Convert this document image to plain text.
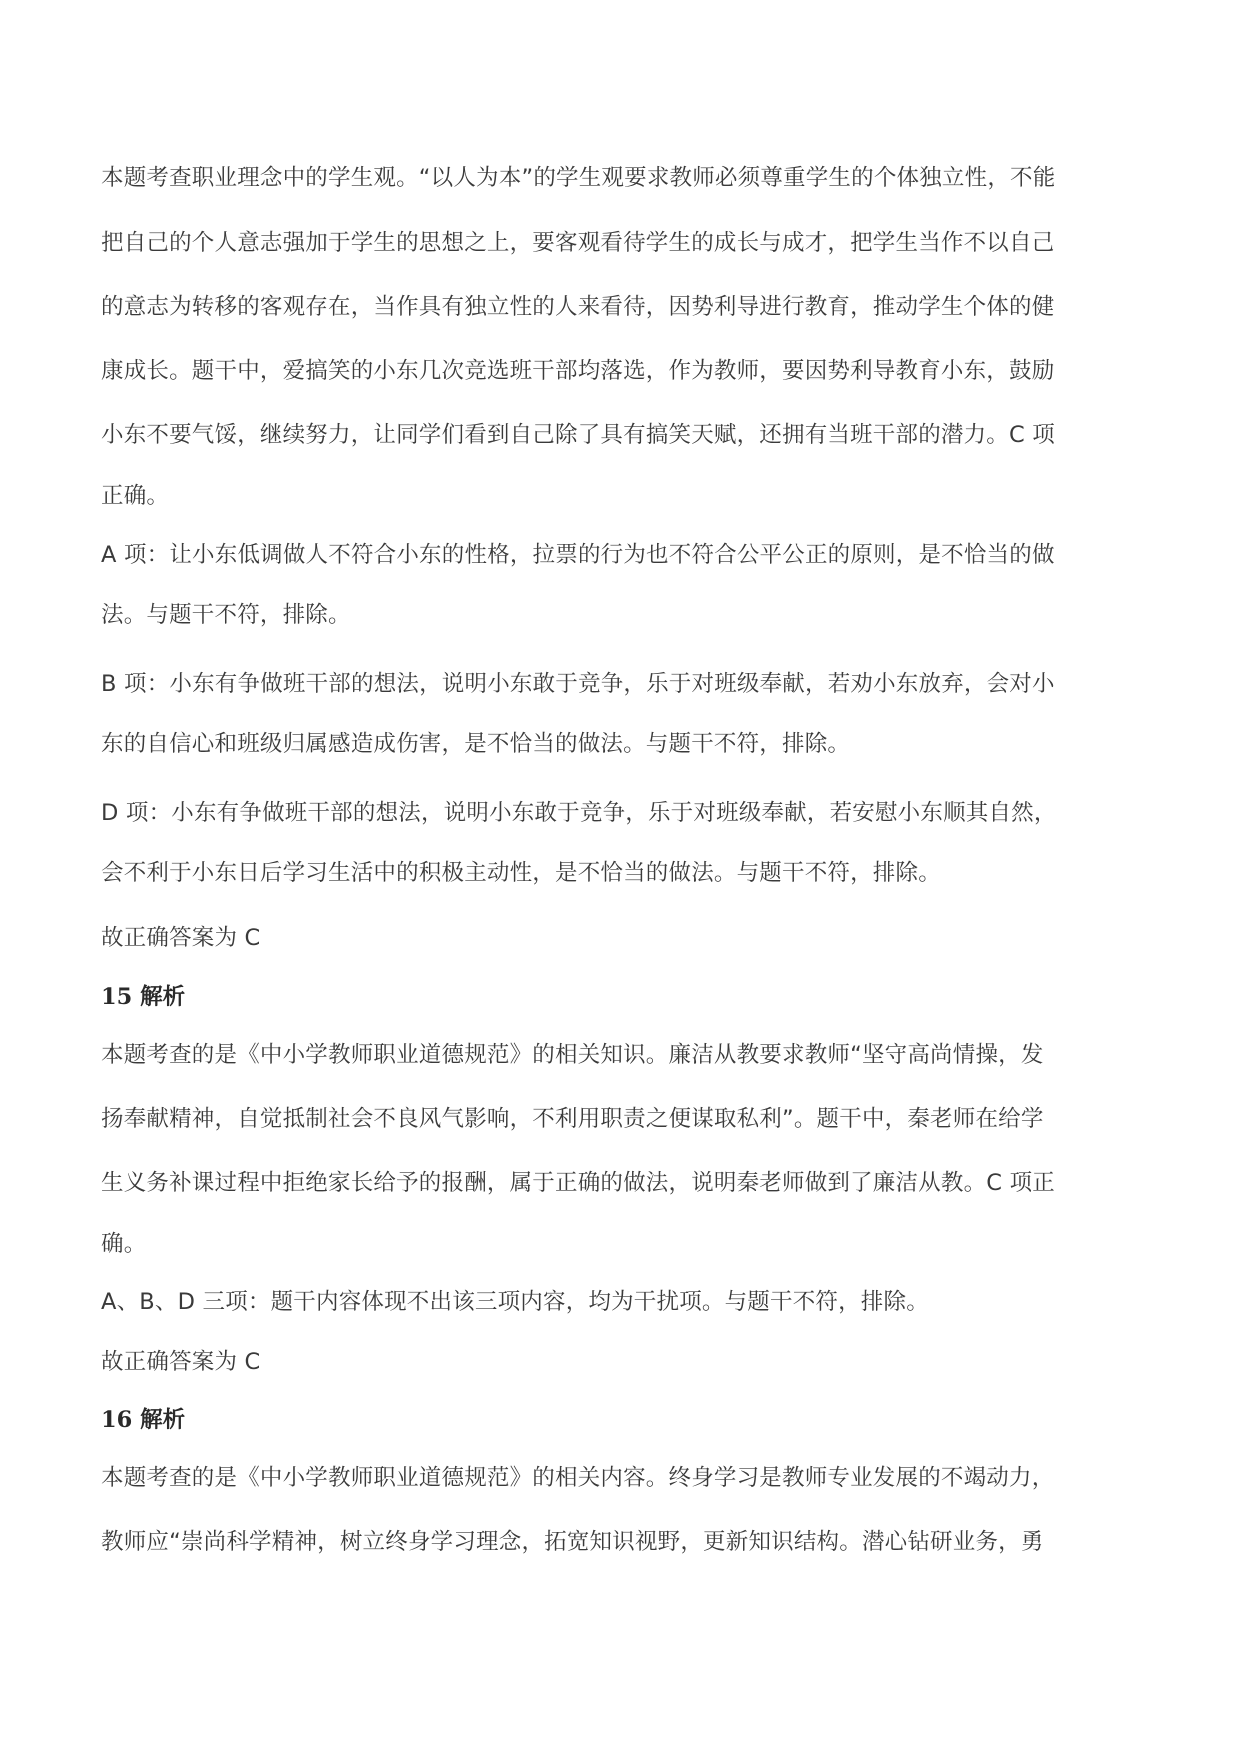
本题考查职业理念中的学生观。“以人为本”的学生观要求教师必须尊重学生的个体独立性，不能
把自己的个人意志强加于学生的思想之上，要客观看待学生的成长与成才，把学生当作不以自己
的意志为转移的客观存在，当作具有独立性的人来看待，因势利导进行教育，推动学生个体的健
康成长。题干中，爱搞笑的小东几次竞选班干部均落选，作为教师，要因势利导教育小东，鼓励
小东不要气馁，继续努力，让同学们看到自己除了具有搞笑天赋，还拥有当班干部的潜力。C 项
正确。
A 项：让小东低调做人不符合小东的性格，拉票的行为也不符合公平公正的原则，是不恰当的做
法。与题干不符，排除。
B 项：小东有争做班干部的想法，说明小东敢于竞争，乐于对班级奉献，若劝小东放弃，会对小
东的自信心和班级归属感造成伤害，是不恰当的做法。与题干不符，排除。
D 项：小东有争做班干部的想法，说明小东敢于竞争，乐于对班级奉献，若安慰小东顺其自然，
会不利于小东日后学习生活中的积极主动性，是不恰当的做法。与题干不符，排除。
故正确答案为 C
15 解析
本题考查的是《中小学教师职业道德规范》的相关知识。廉洁从教要求教师“坚守高尚情操，发
扬奉献精神，自觉抵制社会不良风气影响，不利用职责之便谋取私利”。题干中，秦老师在给学
生义务补课过程中拒绝家长给予的报酬，属于正确的做法，说明秦老师做到了廉洁从教。C 项正
确。
A、B、D 三项：题干内容体现不出该三项内容，均为干扰项。与题干不符，排除。
故正确答案为 C
16 解析
本题考查的是《中小学教师职业道德规范》的相关内容。终身学习是教师专业发展的不竭动力，
教师应“崇尚科学精神，树立终身学习理念，拓宽知识视野，更新知识结构。潜心钻研业务，勇
